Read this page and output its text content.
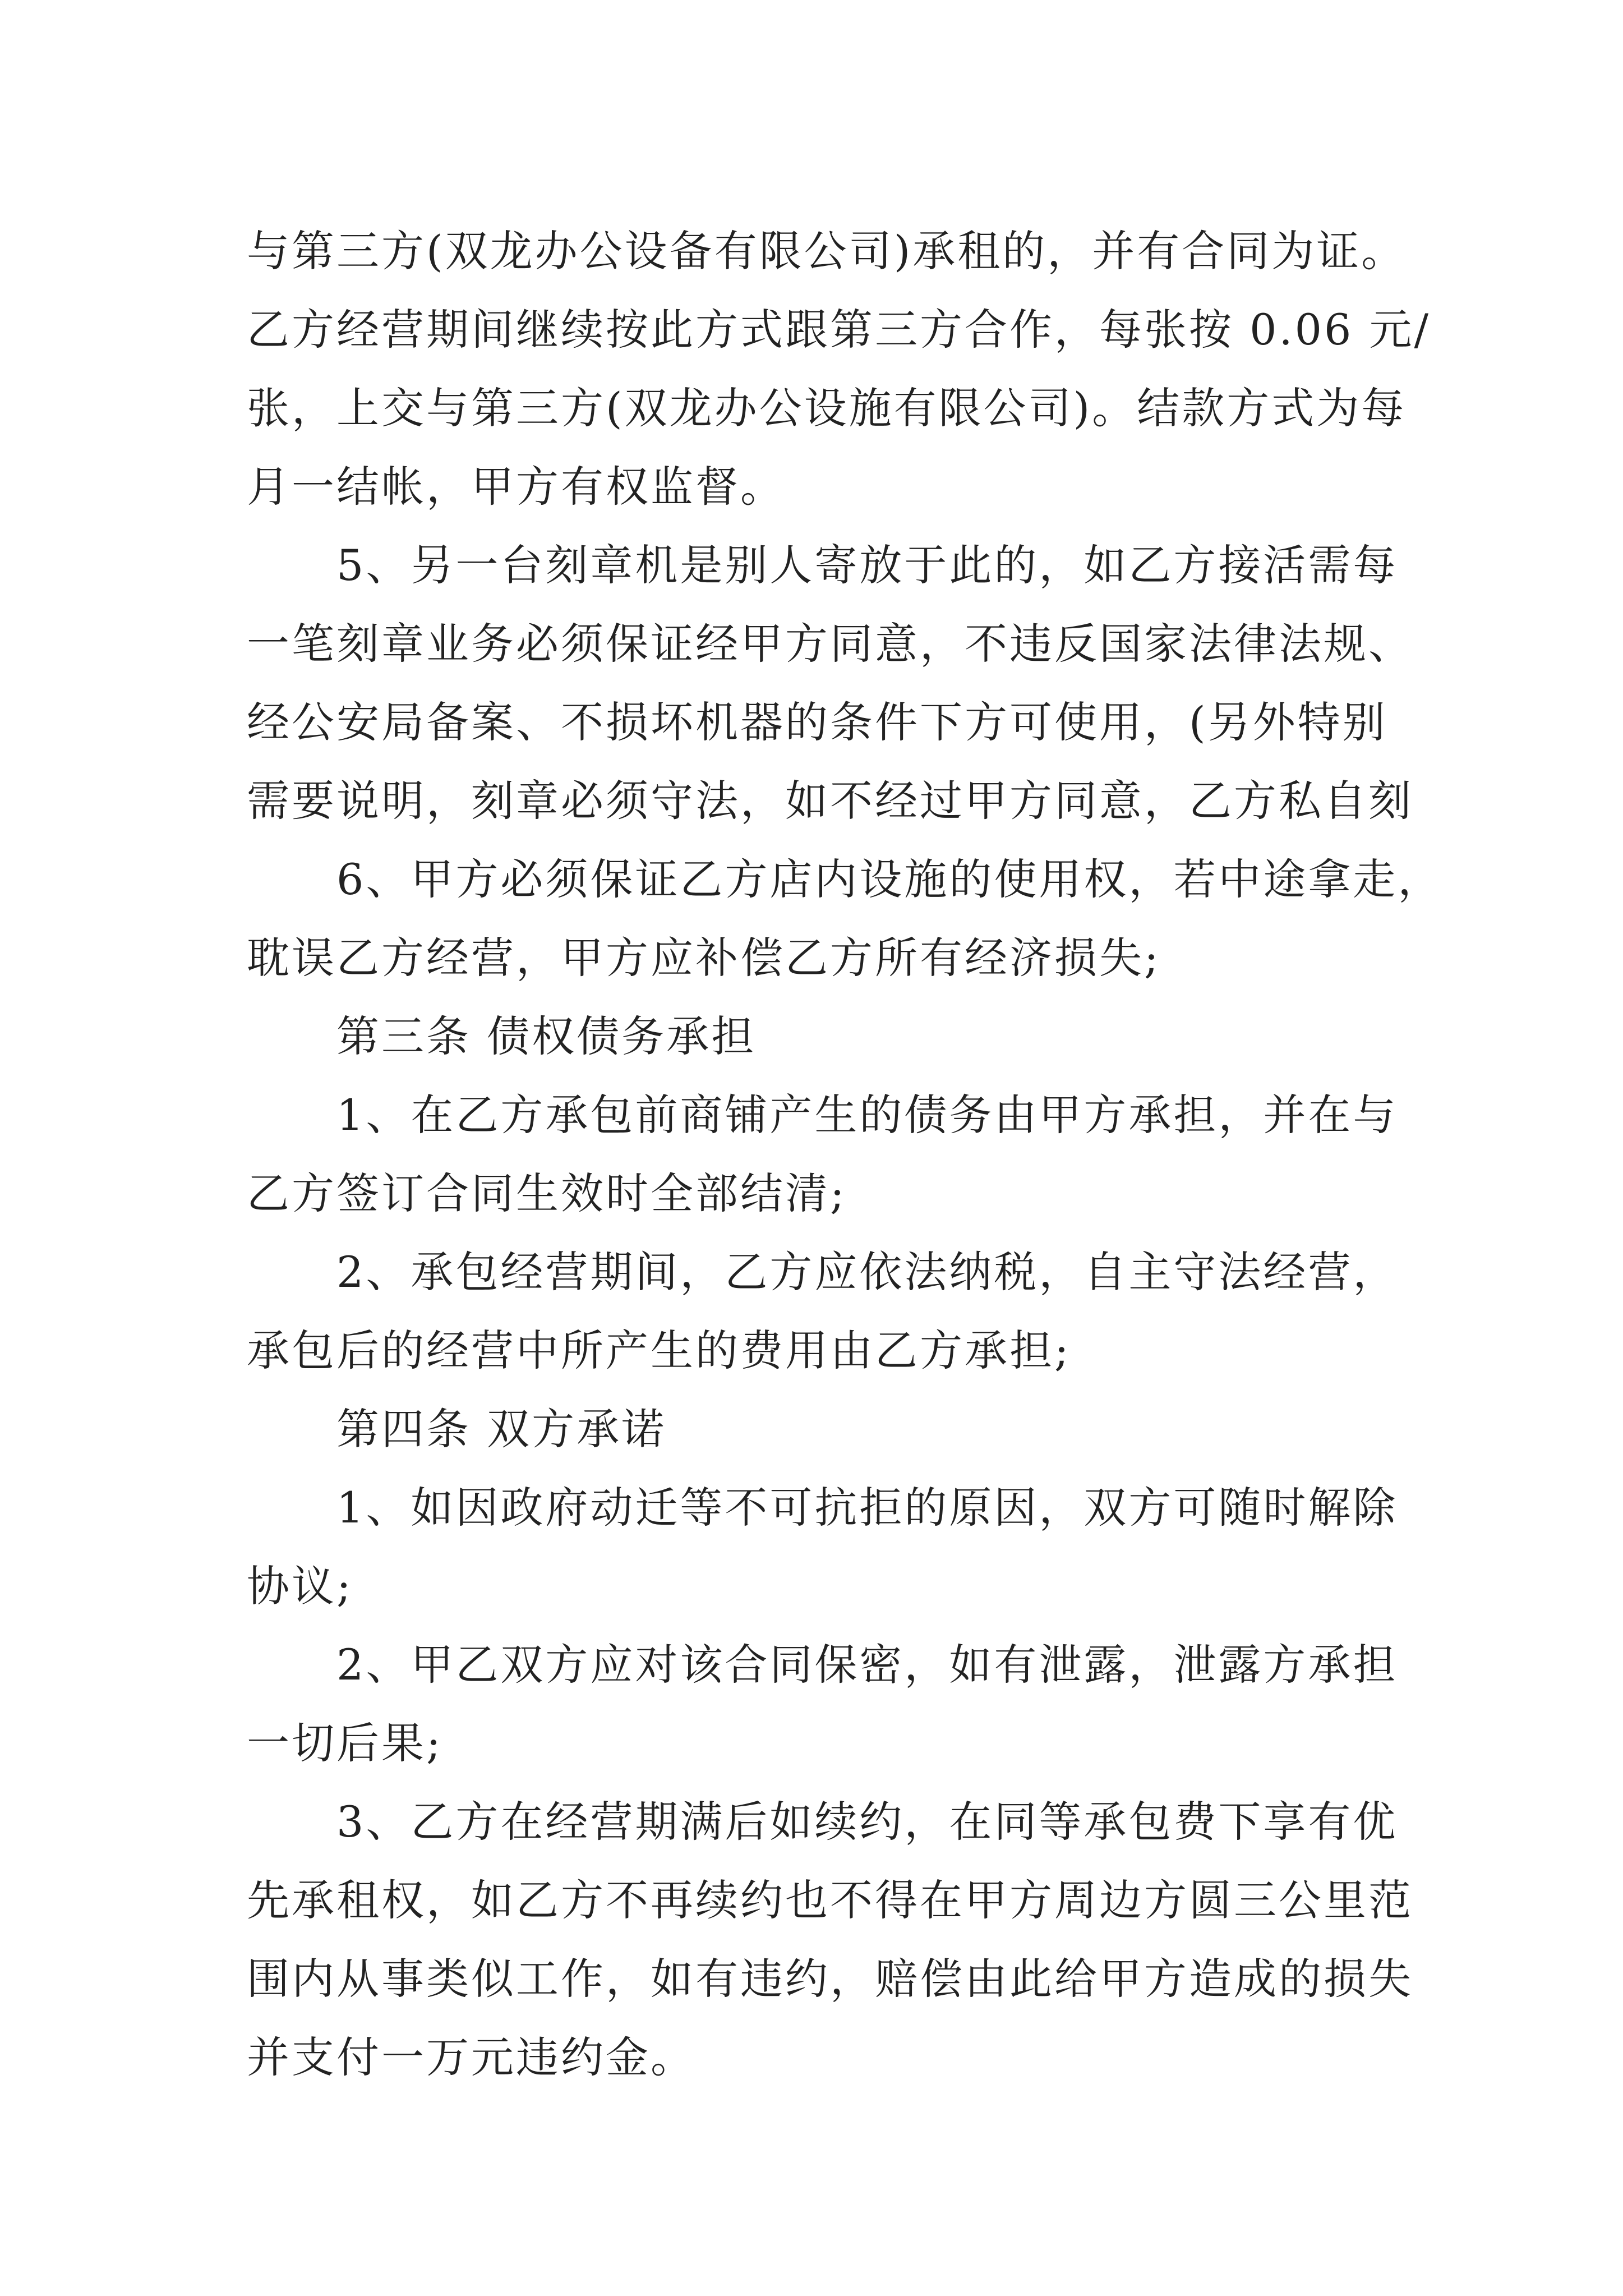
与第三方(双龙办公设备有限公司)承租的，并有合同为证。
乙方经营期间继续按此方式跟第三方合作，每张按 0.06 元/
张，上交与第三方(双龙办公设施有限公司)。结款方式为每
月一结帐，甲方有权监督。
5、另一台刻章机是别人寄放于此的，如乙方接活需每
一笔刻章业务必须保证经甲方同意，不违反国家法律法规、
经公安局备案、不损坏机器的条件下方可使用，(另外特别
需要说明，刻章必须守法，如不经过甲方同意，乙方私自刻
6、甲方必须保证乙方店内设施的使用权，若中途拿走，
耽误乙方经营，甲方应补偿乙方所有经济损失;
第三条 债权债务承担
1、在乙方承包前商铺产生的债务由甲方承担，并在与
乙方签订合同生效时全部结清;
2、承包经营期间，乙方应依法纳税，自主守法经营，
承包后的经营中所产生的费用由乙方承担;
第四条 双方承诺
1、如因政府动迁等不可抗拒的原因，双方可随时解除
协议;
2、甲乙双方应对该合同保密，如有泄露，泄露方承担
一切后果;
3、乙方在经营期满后如续约，在同等承包费下享有优
先承租权，如乙方不再续约也不得在甲方周边方圆三公里范
围内从事类似工作，如有违约，赔偿由此给甲方造成的损失
并支付一万元违约金。
